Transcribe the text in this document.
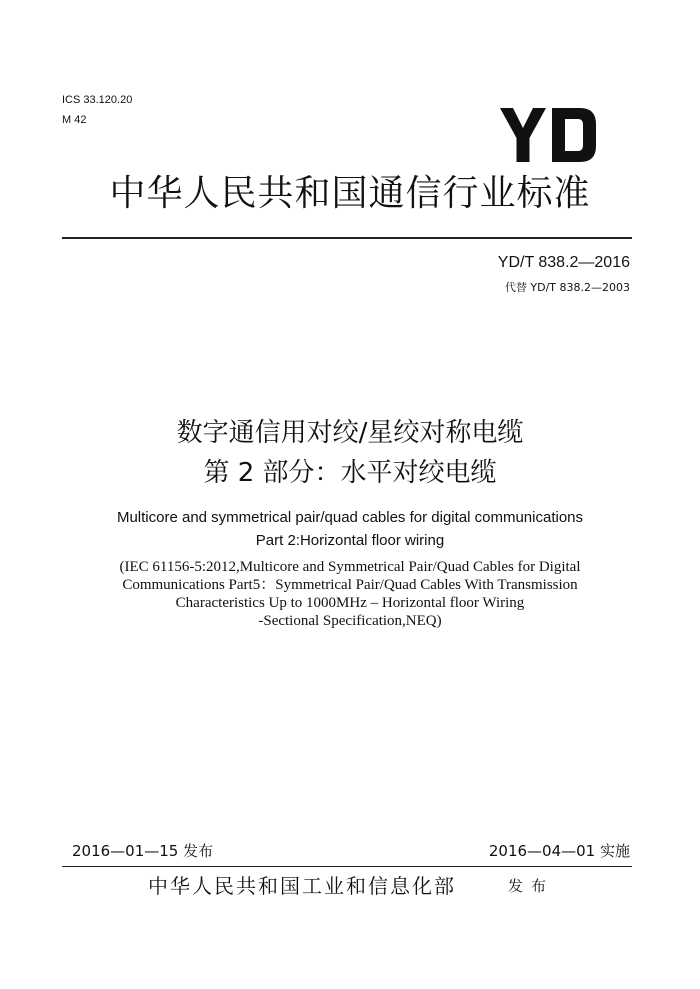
ICS 33.120.20
M 42
YD
中华人民共和国通信行业标准
YD/T 838.2—2016
代替 YD/T 838.2—2003
数字通信用对绞/星绞对称电缆
第 2 部分：水平对绞电缆
Multicore and symmetrical pair/quad cables for digital communications
Part 2:Horizontal floor wiring
(IEC 61156-5:2012,Multicore and Symmetrical Pair/Quad Cables for Digital
Communications Part5：Symmetrical Pair/Quad Cables With Transmission
Characteristics Up to 1000MHz – Horizontal floor Wiring
-Sectional Specification,NEQ)
2016—01—15 发布	2016—04—01 实施
中华人民共和国工业和信息化部	发布
